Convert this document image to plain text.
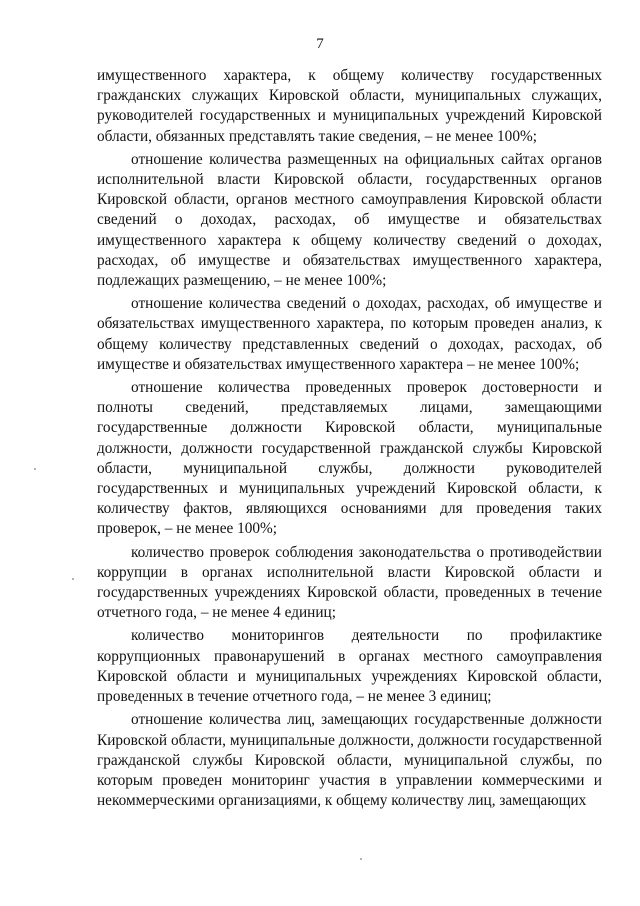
7

имущественного характера, к общему количеству государственных гражданских служащих Кировской области, муниципальных служащих, руководителей государственных и муниципальных учреждений Кировской области, обязанных представлять такие сведения, – не менее 100%;

отношение количества размещенных на официальных сайтах органов исполнительной власти Кировской области, государственных органов Кировской области, органов местного самоуправления Кировской области сведений о доходах, расходах, об имуществе и обязательствах имущественного характера к общему количеству сведений о доходах, расходах, об имуществе и обязательствах имущественного характера, подлежащих размещению, – не менее 100%;

отношение количества сведений о доходах, расходах, об имуществе и обязательствах имущественного характера, по которым проведен анализ, к общему количеству представленных сведений о доходах, расходах, об имуществе и обязательствах имущественного характера – не менее 100%;

отношение количества проведенных проверок достоверности и полноты сведений, представляемых лицами, замещающими государственные должности Кировской области, муниципальные должности, должности государственной гражданской службы Кировской области, муниципальной службы, должности руководителей государственных и муниципальных учреждений Кировской области, к количеству фактов, являющихся основаниями для проведения таких проверок, – не менее 100%;

количество проверок соблюдения законодательства о противодействии коррупции в органах исполнительной власти Кировской области и государственных учреждениях Кировской области, проведенных в течение отчетного года, – не менее 4 единиц;

количество мониторингов деятельности по профилактике коррупционных правонарушений в органах местного самоуправления Кировской области и муниципальных учреждениях Кировской области, проведенных в течение отчетного года, – не менее 3 единиц;

отношение количества лиц, замещающих государственные должности Кировской области, муниципальные должности, должности государственной гражданской службы Кировской области, муниципальной службы, по которым проведен мониторинг участия в управлении коммерческими и некоммерческими организациями, к общему количеству лиц, замещающих
